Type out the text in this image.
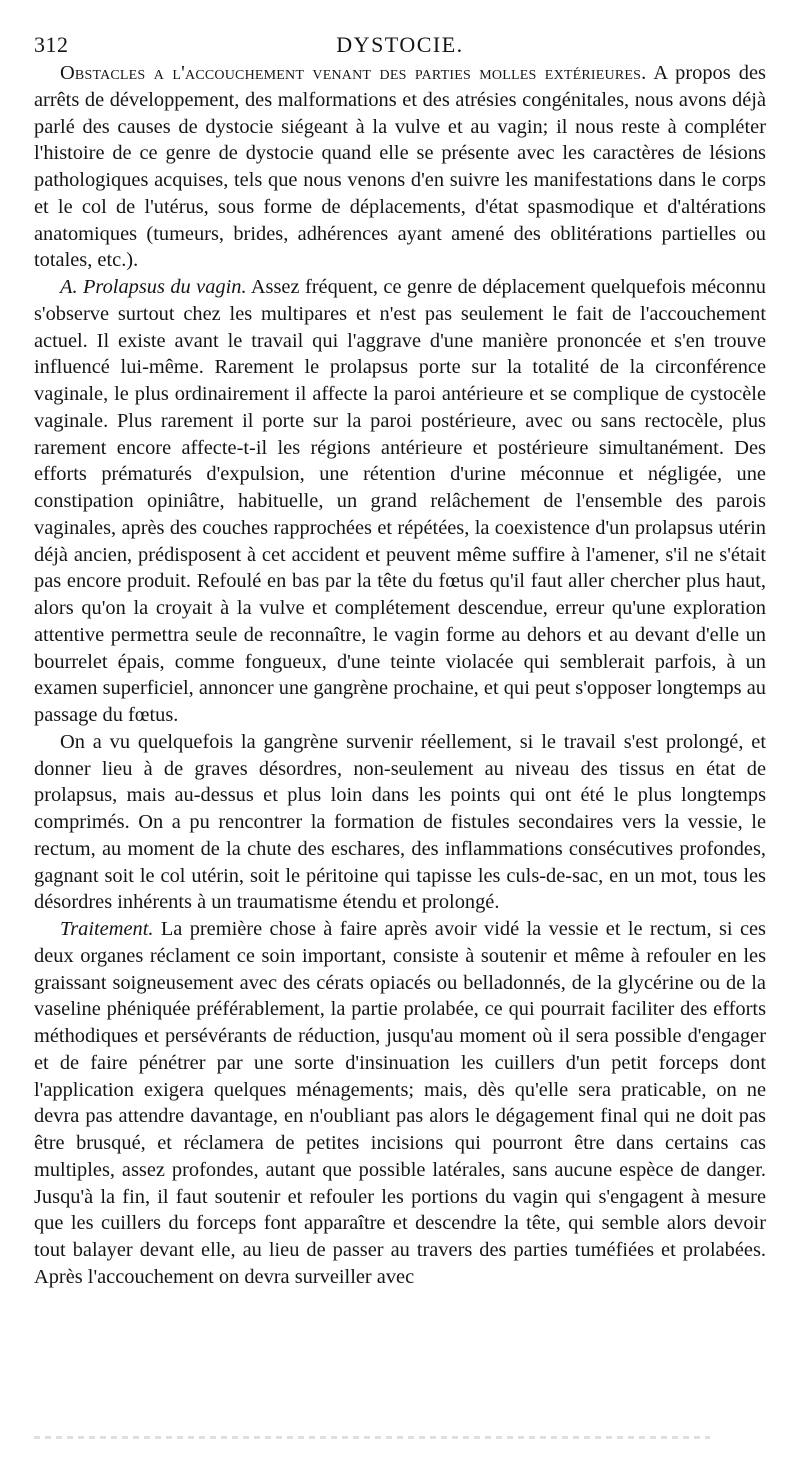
312	DYSTOCIE.

Obstacles a l'accouchement venant des parties molles extérieures. A propos des arrêts de développement, des malformations et des atrésies congénitales, nous avons déjà parlé des causes de dystocie siégeant à la vulve et au vagin; il nous reste à compléter l'histoire de ce genre de dystocie quand elle se présente avec les caractères de lésions pathologiques acquises, tels que nous venons d'en suivre les manifestations dans le corps et le col de l'utérus, sous forme de déplacements, d'état spasmodique et d'altérations anatomiques (tumeurs, brides, adhérences ayant amené des oblitérations partielles ou totales, etc.).

A. Prolapsus du vagin. Assez fréquent, ce genre de déplacement quelquefois méconnu s'observe surtout chez les multipares et n'est pas seulement le fait de l'accouchement actuel. Il existe avant le travail qui l'aggrave d'une manière prononcée et s'en trouve influencé lui-même. Rarement le prolapsus porte sur la totalité de la circonférence vaginale, le plus ordinairement il affecte la paroi antérieure et se complique de cystocèle vaginale. Plus rarement il porte sur la paroi postérieure, avec ou sans rectocèle, plus rarement encore affecte-t-il les régions antérieure et postérieure simultanément. Des efforts prématurés d'expulsion, une rétention d'urine méconnue et négligée, une constipation opiniâtre, habituelle, un grand relâchement de l'ensemble des parois vaginales, après des couches rapprochées et répétées, la coexistence d'un prolapsus utérin déjà ancien, prédisposent à cet accident et peuvent même suffire à l'amener, s'il ne s'était pas encore produit. Refoulé en bas par la tête du fœtus qu'il faut aller chercher plus haut, alors qu'on la croyait à la vulve et complétement descendue, erreur qu'une exploration attentive permettra seule de reconnaître, le vagin forme au dehors et au devant d'elle un bourrelet épais, comme fongueux, d'une teinte violacée qui semblerait parfois, à un examen superficiel, annoncer une gangrène prochaine, et qui peut s'opposer longtemps au passage du fœtus.

On a vu quelquefois la gangrène survenir réellement, si le travail s'est prolongé, et donner lieu à de graves désordres, non-seulement au niveau des tissus en état de prolapsus, mais au-dessus et plus loin dans les points qui ont été le plus longtemps comprimés. On a pu rencontrer la formation de fistules secondaires vers la vessie, le rectum, au moment de la chute des eschares, des inflammations consécutives profondes, gagnant soit le col utérin, soit le péritoine qui tapisse les culs-de-sac, en un mot, tous les désordres inhérents à un traumatisme étendu et prolongé.

Traitement. La première chose à faire après avoir vidé la vessie et le rectum, si ces deux organes réclament ce soin important, consiste à soutenir et même à refouler en les graissant soigneusement avec des cérats opiacés ou belladonnés, de la glycérine ou de la vaseline phéniquée préférablement, la partie prolabée, ce qui pourrait faciliter des efforts méthodiques et persévérants de réduction, jusqu'au moment où il sera possible d'engager et de faire pénétrer par une sorte d'insinuation les cuillers d'un petit forceps dont l'application exigera quelques ménagements; mais, dès qu'elle sera praticable, on ne devra pas attendre davantage, en n'oubliant pas alors le dégagement final qui ne doit pas être brusqué, et réclamera de petites incisions qui pourront être dans certains cas multiples, assez profondes, autant que possible latérales, sans aucune espèce de danger. Jusqu'à la fin, il faut soutenir et refouler les portions du vagin qui s'engagent à mesure que les cuillers du forceps font apparaître et descendre la tête, qui semble alors devoir tout balayer devant elle, au lieu de passer au travers des parties tuméfiées et prolabées. Après l'accouchement on devra surveiller avec
